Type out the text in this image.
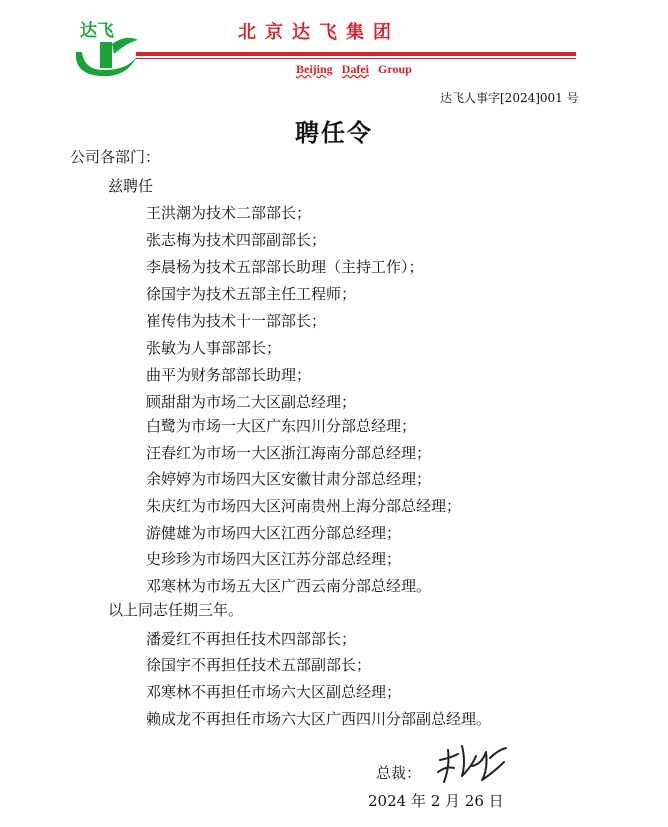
达飞	北京达飞集团
Beijing Dafei Group
达飞人事字[2024]001 号
聘任令
公司各部门：
兹聘任
王洪潮为技术二部部长；
张志梅为技术四部副部长；
李晨杨为技术五部部长助理（主持工作）；
徐国宇为技术五部主任工程师；
崔传伟为技术十一部部长；
张敏为人事部部长；
曲平为财务部部长助理；
顾甜甜为市场二大区副总经理；
白鹭为市场一大区广东四川分部总经理；
汪春红为市场一大区浙江海南分部总经理；
余婷婷为市场四大区安徽甘肃分部总经理；
朱庆红为市场四大区河南贵州上海分部总经理；
游健雄为市场四大区江西分部总经理；
史珍珍为市场四大区江苏分部总经理；
邓寒林为市场五大区广西云南分部总经理。
以上同志任期三年。
潘爱红不再担任技术四部部长；
徐国宇不再担任技术五部副部长；
邓寒林不再担任市场六大区副总经理；
赖成龙不再担任市场六大区广西四川分部副总经理。
总裁：
2024 年 2 月 26 日
